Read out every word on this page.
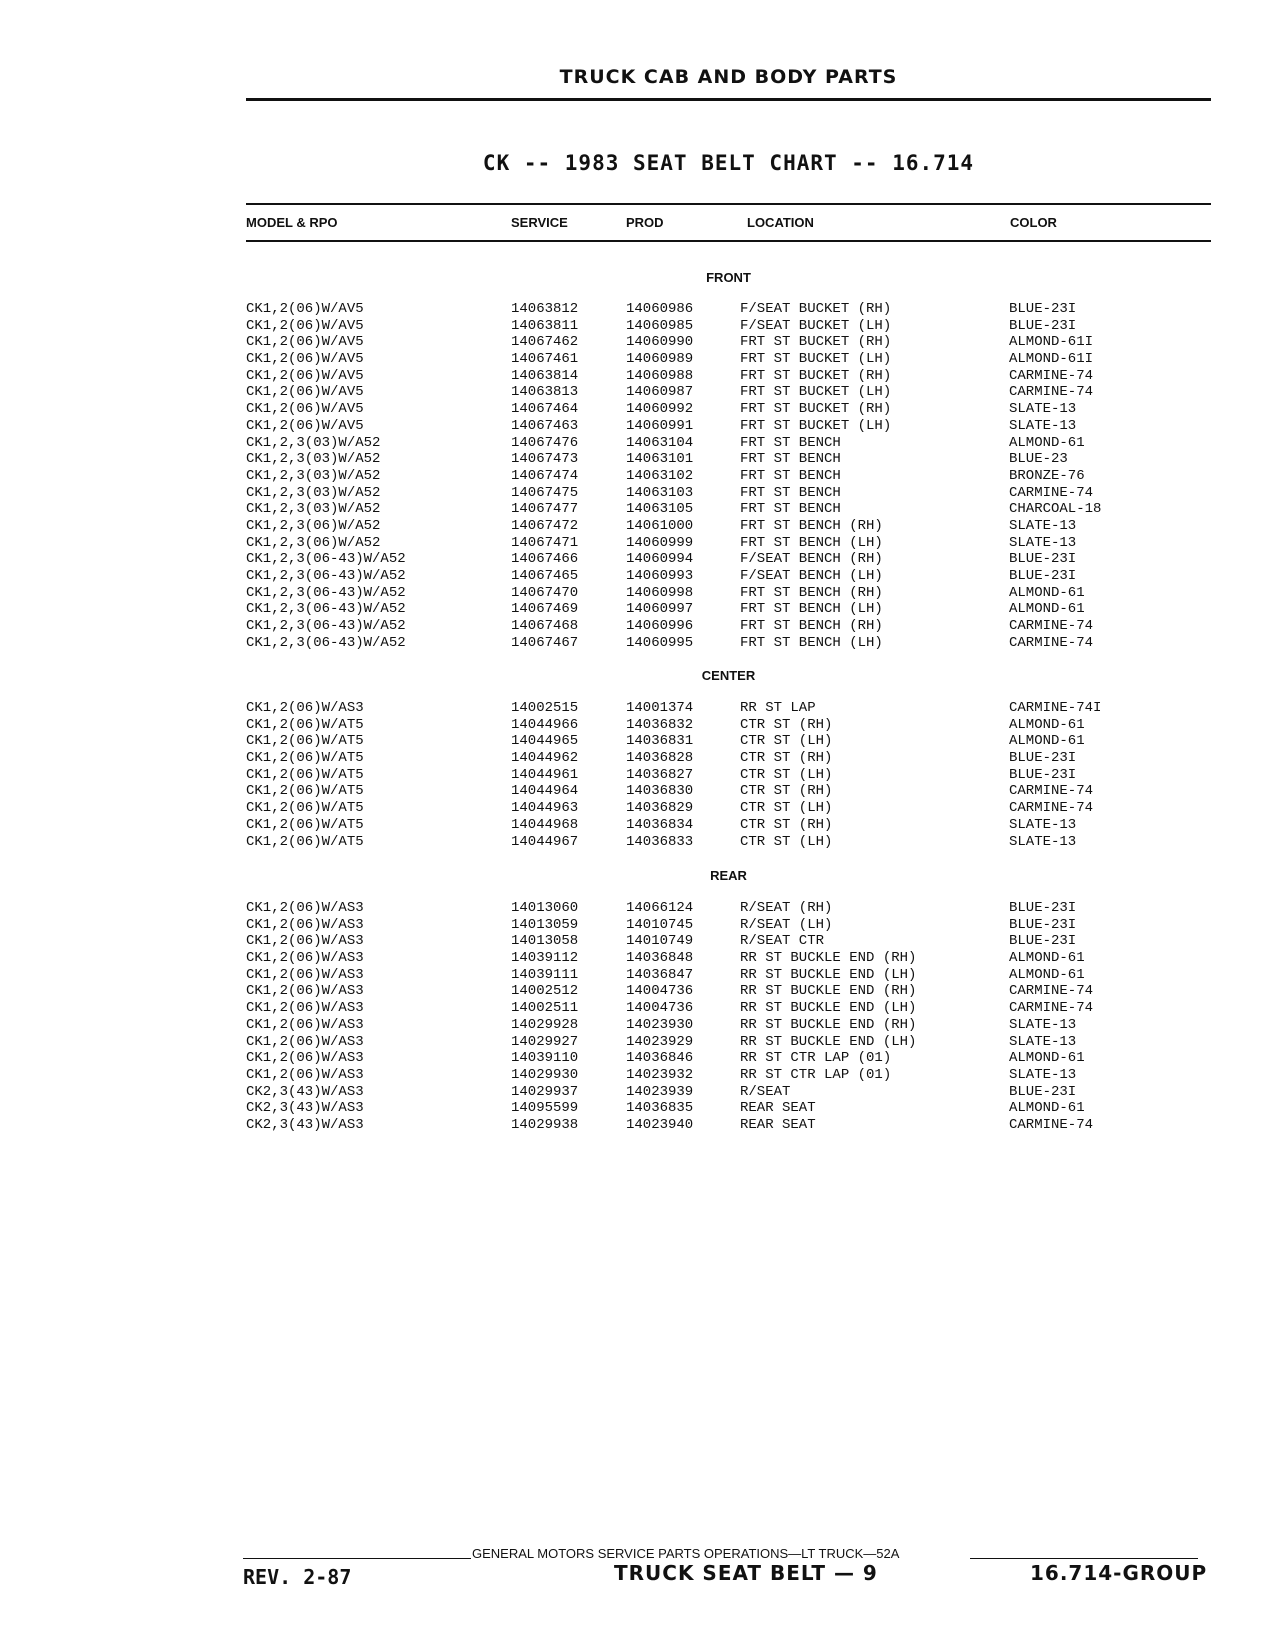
TRUCK CAB AND BODY PARTS
CK -- 1983 SEAT BELT CHART -- 16.714
MODEL & RPO	SERVICE	PROD	LOCATION	COLOR
FRONT
CK1,2(06)W/AV5	14063812	14060986	F/SEAT BUCKET (RH)	BLUE-23I
CK1,2(06)W/AV5	14063811	14060985	F/SEAT BUCKET (LH)	BLUE-23I
CK1,2(06)W/AV5	14067462	14060990	FRT ST BUCKET (RH)	ALMOND-61I
CK1,2(06)W/AV5	14067461	14060989	FRT ST BUCKET (LH)	ALMOND-61I
CK1,2(06)W/AV5	14063814	14060988	FRT ST BUCKET (RH)	CARMINE-74
CK1,2(06)W/AV5	14063813	14060987	FRT ST BUCKET (LH)	CARMINE-74
CK1,2(06)W/AV5	14067464	14060992	FRT ST BUCKET (RH)	SLATE-13
CK1,2(06)W/AV5	14067463	14060991	FRT ST BUCKET (LH)	SLATE-13
CK1,2,3(03)W/A52	14067476	14063104	FRT ST BENCH	ALMOND-61
CK1,2,3(03)W/A52	14067473	14063101	FRT ST BENCH	BLUE-23
CK1,2,3(03)W/A52	14067474	14063102	FRT ST BENCH	BRONZE-76
CK1,2,3(03)W/A52	14067475	14063103	FRT ST BENCH	CARMINE-74
CK1,2,3(03)W/A52	14067477	14063105	FRT ST BENCH	CHARCOAL-18
CK1,2,3(06)W/A52	14067472	14061000	FRT ST BENCH (RH)	SLATE-13
CK1,2,3(06)W/A52	14067471	14060999	FRT ST BENCH (LH)	SLATE-13
CK1,2,3(06-43)W/A52	14067466	14060994	F/SEAT BENCH (RH)	BLUE-23I
CK1,2,3(06-43)W/A52	14067465	14060993	F/SEAT BENCH (LH)	BLUE-23I
CK1,2,3(06-43)W/A52	14067470	14060998	FRT ST BENCH (RH)	ALMOND-61
CK1,2,3(06-43)W/A52	14067469	14060997	FRT ST BENCH (LH)	ALMOND-61
CK1,2,3(06-43)W/A52	14067468	14060996	FRT ST BENCH (RH)	CARMINE-74
CK1,2,3(06-43)W/A52	14067467	14060995	FRT ST BENCH (LH)	CARMINE-74
CENTER
CK1,2(06)W/AS3	14002515	14001374	RR ST LAP	CARMINE-74I
CK1,2(06)W/AT5	14044966	14036832	CTR ST (RH)	ALMOND-61
CK1,2(06)W/AT5	14044965	14036831	CTR ST (LH)	ALMOND-61
CK1,2(06)W/AT5	14044962	14036828	CTR ST (RH)	BLUE-23I
CK1,2(06)W/AT5	14044961	14036827	CTR ST (LH)	BLUE-23I
CK1,2(06)W/AT5	14044964	14036830	CTR ST (RH)	CARMINE-74
CK1,2(06)W/AT5	14044963	14036829	CTR ST (LH)	CARMINE-74
CK1,2(06)W/AT5	14044968	14036834	CTR ST (RH)	SLATE-13
CK1,2(06)W/AT5	14044967	14036833	CTR ST (LH)	SLATE-13
REAR
CK1,2(06)W/AS3	14013060	14066124	R/SEAT (RH)	BLUE-23I
CK1,2(06)W/AS3	14013059	14010745	R/SEAT (LH)	BLUE-23I
CK1,2(06)W/AS3	14013058	14010749	R/SEAT CTR	BLUE-23I
CK1,2(06)W/AS3	14039112	14036848	RR ST BUCKLE END (RH)	ALMOND-61
CK1,2(06)W/AS3	14039111	14036847	RR ST BUCKLE END (LH)	ALMOND-61
CK1,2(06)W/AS3	14002512	14004736	RR ST BUCKLE END (RH)	CARMINE-74
CK1,2(06)W/AS3	14002511	14004736	RR ST BUCKLE END (LH)	CARMINE-74
CK1,2(06)W/AS3	14029928	14023930	RR ST BUCKLE END (RH)	SLATE-13
CK1,2(06)W/AS3	14029927	14023929	RR ST BUCKLE END (LH)	SLATE-13
CK1,2(06)W/AS3	14039110	14036846	RR ST CTR LAP (01)	ALMOND-61
CK1,2(06)W/AS3	14029930	14023932	RR ST CTR LAP (01)	SLATE-13
CK2,3(43)W/AS3	14029937	14023939	R/SEAT	BLUE-23I
CK2,3(43)W/AS3	14095599	14036835	REAR SEAT	ALMOND-61
CK2,3(43)W/AS3	14029938	14023940	REAR SEAT	CARMINE-74
GENERAL MOTORS SERVICE PARTS OPERATIONS—LT TRUCK—52A
REV. 2-87	TRUCK SEAT BELT — 9	16.714-GROUP
